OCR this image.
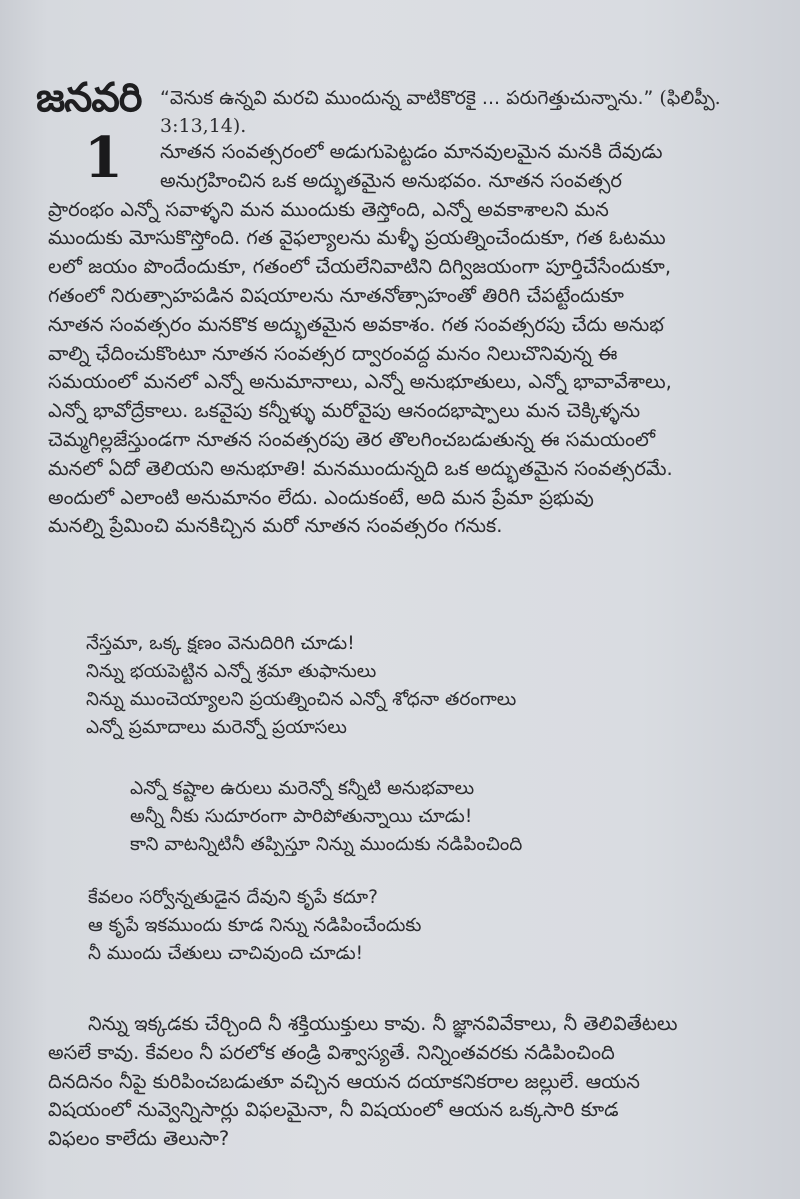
జనవరి
1
“వెనుక ఉన్నవి మరచి ముందున్న వాటికొరకై ... పరుగెత్తుచున్నాను.” (ఫిలిప్పీ. 3:13,14).
నూతన సంవత్సరంలో అడుగుపెట్టడం మానవులమైన మనకి దేవుడు
అనుగ్రహించిన ఒక అద్భుతమైన అనుభవం. నూతన సంవత్సర
ప్రారంభం ఎన్నో సవాళ్ళని మన ముందుకు తెస్తోంది, ఎన్నో అవకాశాలని మన
ముందుకు మోసుకొస్తోంది. గత వైఫల్యాలను మళ్ళీ ప్రయత్నించేందుకూ, గత ఓటము
లలో జయం పొందేందుకూ, గతంలో చేయలేనివాటిని దిగ్విజయంగా పూర్తిచేసేందుకూ,
గతంలో నిరుత్సాహపడిన విషయాలను నూతనోత్సాహంతో తిరిగి చేపట్టేందుకూ
నూతన సంవత్సరం మనకొక అద్భుతమైన అవకాశం. గత సంవత్సరపు చేదు అనుభ
వాల్ని ఛేదించుకొంటూ నూతన సంవత్సర ద్వారంవద్ద మనం నిలుచొనివున్న ఈ
సమయంలో మనలో ఎన్నో అనుమానాలు, ఎన్నో అనుభూతులు, ఎన్నో భావావేశాలు,
ఎన్నో భావోద్రేకాలు. ఒకవైపు కన్నీళ్ళు మరోవైపు ఆనందభాష్పాలు మన చెక్కిళ్ళను
చెమ్మగిల్లజేస్తుండగా నూతన సంవత్సరపు తెర తొలగించబడుతున్న ఈ సమయంలో
మనలో ఏదో తెలియని అనుభూతి! మనముందున్నది ఒక అద్భుతమైన సంవత్సరమే.
అందులో ఎలాంటి అనుమానం లేదు. ఎందుకంటే, అది మన ప్రేమా ప్రభువు
మనల్ని ప్రేమించి మనకిచ్చిన మరో నూతన సంవత్సరం గనుక.
నేస్తమా, ఒక్క క్షణం వెనుదిరిగి చూడు!
నిన్ను భయపెట్టిన ఎన్నో శ్రమా తుఫానులు
నిన్ను ముంచెయ్యాలని ప్రయత్నించిన ఎన్నో శోధనా తరంగాలు
ఎన్నో ప్రమాదాలు మరెన్నో ప్రయాసలు
ఎన్నో కష్టాల ఉరులు మరెన్నో కన్నీటి అనుభవాలు
అన్నీ నీకు సుదూరంగా పారిపోతున్నాయి చూడు!
కాని వాటన్నిటినీ తప్పిస్తూ నిన్ను ముందుకు నడిపించింది
కేవలం సర్వోన్నతుడైన దేవుని కృపే కదూ?
ఆ కృపే ఇకముందు కూడ నిన్ను నడిపించేందుకు
నీ ముందు చేతులు చాచివుంది చూడు!
నిన్ను ఇక్కడకు చేర్చింది నీ శక్తియుక్తులు కావు. నీ జ్ఞానవివేకాలు, నీ తెలివితేటలు
అసలే కావు. కేవలం నీ పరలోక తండ్రి విశ్వాస్యతే. నిన్నింతవరకు నడిపించింది
దినదినం నీపై కురిపించబడుతూ వచ్చిన ఆయన దయాకనికరాల జల్లులే. ఆయన
విషయంలో నువ్వెన్నిసార్లు విఫలమైనా, నీ విషయంలో ఆయన ఒక్కసారి కూడ
విఫలం కాలేదు తెలుసా?
